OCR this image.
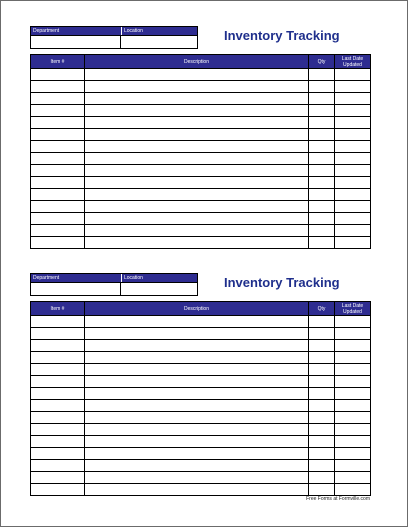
Department	Location	Inventory Tracking
Item #	Description	Qty	Last Date Updated

Department	Location	Inventory Tracking
Item #	Description	Qty	Last Date Updated

Free Forms at Formville.com
